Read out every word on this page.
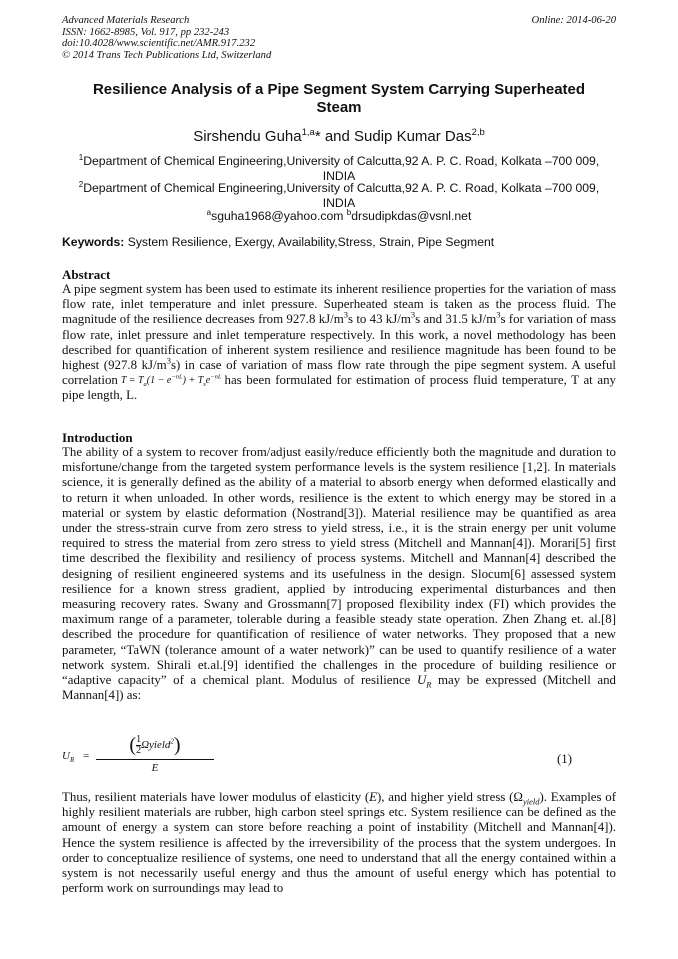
Advanced Materials Research
ISSN: 1662-8985, Vol. 917, pp 232-243
doi:10.4028/www.scientific.net/AMR.917.232
© 2014 Trans Tech Publications Ltd, Switzerland
Online: 2014-06-20
Resilience Analysis of a Pipe Segment System Carrying Superheated
Steam
Sirshendu Guha$^{1,a}$* and Sudip Kumar Das$^{2,b}$
$^1$Department of Chemical Engineering,University of Calcutta,92 A. P. C. Road, Kolkata –700 009,
INDIA
$^2$Department of Chemical Engineering,University of Calcutta,92 A. P. C. Road, Kolkata –700 009,
INDIA
$^a$sguha1968@yahoo.com $^b$drsudipkdas@vsnl.net
Keywords: System Resilience, Exergy, Availability,Stress, Strain, Pipe Segment
Abstract
A pipe segment system has been used to estimate its inherent resilience properties for the variation of mass flow rate, inlet temperature and inlet pressure. Superheated steam is taken as the process fluid. The magnitude of the resilience decreases from 927.8 $kJ/m^3s$ to 43 $kJ/m^3s$ and 31.5 $kJ/m^3s$ for variation of mass flow rate, inlet pressure and inlet temperature respectively. In this work, a novel methodology has been described for quantification of inherent system resilience and resilience magnitude has been found to be highest (927.8 $kJ/m^3s$) in case of variation of mass flow rate through the pipe segment system. A useful correlation $T = T_a(1 - e^{-nL}) + T_se^{-nL}$ has been formulated for estimation of process fluid temperature, T at any pipe length, L.
Introduction
The ability of a system to recover from/adjust easily/reduce efficiently both the magnitude and duration to misfortune/change from the targeted system performance levels is the system resilience [1,2]. In materials science, it is generally defined as the ability of a material to absorb energy when deformed elastically and to return it when unloaded. In other words, resilience is the extent to which energy may be stored in a material or system by elastic deformation (Nostrand[3]). Material resilience may be quantified as area under the stress-strain curve from zero stress to yield stress, i.e., it is the strain energy per unit volume required to stress the material from zero stress to yield stress (Mitchell and Mannan[4]). Morari[5] first time described the flexibility and resiliency of process systems. Mitchell and Mannan[4] described the designing of resilient engineered systems and its usefulness in the design. Slocum[6] assessed system resilience for a known stress gradient, applied by introducing experimental disturbances and then measuring recovery rates. Swany and Grossmann[7] proposed flexibility index (FI) which provides the maximum range of a parameter, tolerable during a feasible steady state operation. Zhen Zhang et. al.[8] described the procedure for quantification of resilience of water networks. They proposed that a new parameter, “TaWN (tolerance amount of a water network)” can be used to quantify resilience of a water network system. Shirali et.al.[9] identified the challenges in the procedure of building resilience or “adaptive capacity” of a chemical plant. Modulus of resilience $U_R$ may be expressed (Mitchell and Mannan[4]) as:
$U_R$ =	($\frac{1}{2}$ Ωyield$^2$)
E
(1)
Thus, resilient materials have lower modulus of elasticity (E), and higher yield stress $(\Omega_{yield})$. Examples of highly resilient materials are rubber, high carbon steel springs etc. System resilience can be defined as the amount of energy a system can store before reaching a point of instability (Mitchell and Mannan[4]). Hence the system resilience is affected by the irreversibility of the process that the system undergoes. In order to conceptualize resilience of systems, one need to understand that all the energy contained within a system is not necessarily useful energy and thus the amount of useful energy which has potential to perform work on surroundings may lead to
